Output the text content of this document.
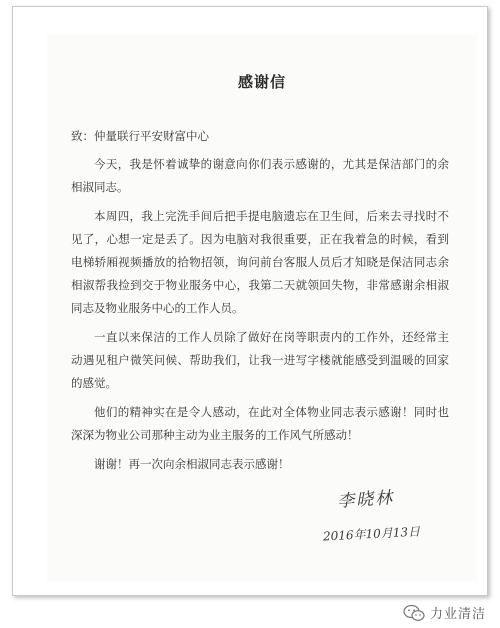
感谢信
致：仲量联行平安财富中心

今天，我是怀着诚挚的谢意向你们表示感谢的，尤其是保洁部门的余相淑同志。

本周四，我上完洗手间后把手提电脑遗忘在卫生间，后来去寻找时不见了，心想一定是丢了。因为电脑对我很重要，正在我着急的时候，看到电梯轿厢视频播放的拾物招领，询问前台客服人员后才知晓是保洁同志余相淑帮我捡到交于物业服务中心，我第二天就领回失物，非常感谢余相淑同志及物业服务中心的工作人员。

一直以来保洁的工作人员除了做好在岗等职责内的工作外，还经常主动遇见租户微笑问候、帮助我们，让我一进写字楼就能感受到温暖的回家的感觉。

他们的精神实在是令人感动，在此对全体物业同志表示感谢！同时也深深为物业公司那种主动为业主服务的工作风气所感动！

谢谢！再一次向余相淑同志表示感谢！

李晓林
2016年10月13日
力业清洁
